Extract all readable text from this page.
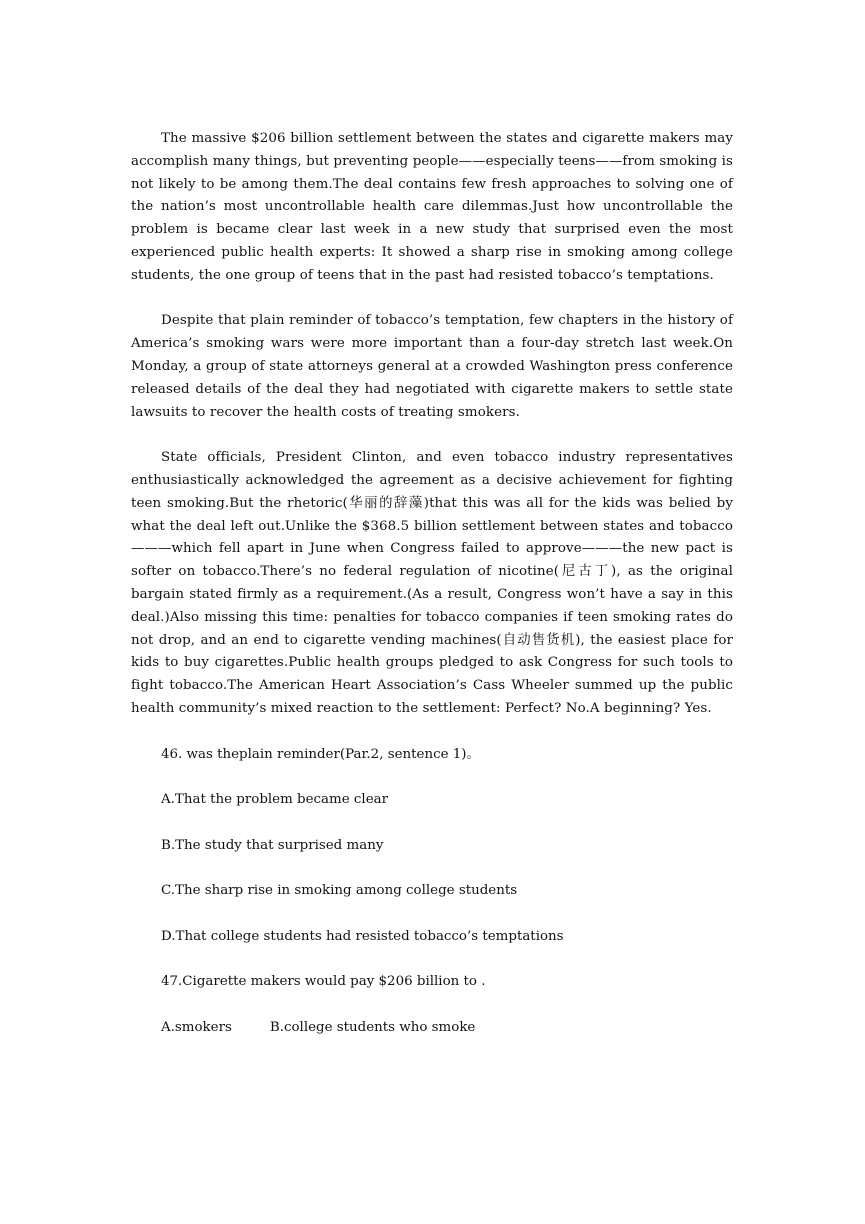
The massive $206 billion settlement between the states and cigarette makers may accomplish many things, but preventing people——especially teens——from smoking is not likely to be among them.The deal contains few fresh approaches to solving one of the nation’s most uncontrollable health care dilemmas.Just how uncontrollable the problem is became clear last week in a new study that surprised even the most experienced public health experts: It showed a sharp rise in smoking among college students, the one group of teens that in the past had resisted tobacco’s temptations.

Despite that plain reminder of tobacco’s temptation, few chapters in the history of America’s smoking wars were more important than a four-day stretch last week.On Monday, a group of state attorneys general at a crowded Washington press conference released details of the deal they had negotiated with cigarette makers to settle state lawsuits to recover the health costs of treating smokers.

State officials, President Clinton, and even tobacco industry representatives enthusiastically acknowledged the agreement as a decisive achievement for fighting teen smoking.But the rhetoric(华丽的辞藻)that this was all for the kids was belied by what the deal left out.Unlike the $368.5 billion settlement between states and tobacco———which fell apart in June when Congress failed to approve———the new pact is softer on tobacco.There’s no federal regulation of nicotine(尼古丁), as the original bargain stated firmly as a requirement.(As a result, Congress won’t have a say in this deal.)Also missing this time: penalties for tobacco companies if teen smoking rates do not drop, and an end to cigarette vending machines(自动售货机), the easiest place for kids to buy cigarettes.Public health groups pledged to ask Congress for such tools to fight tobacco.The American Heart Association’s Cass Wheeler summed up the public health community’s mixed reaction to the settlement: Perfect? No.A beginning? Yes.

46. was theplain reminder(Par.2, sentence 1)。

A.That the problem became clear

B.The study that surprised many

C.The sharp rise in smoking among college students

D.That college students had resisted tobacco’s temptations

47.Cigarette makers would pay $206 billion to .

A.smokers	B.college students who smoke
